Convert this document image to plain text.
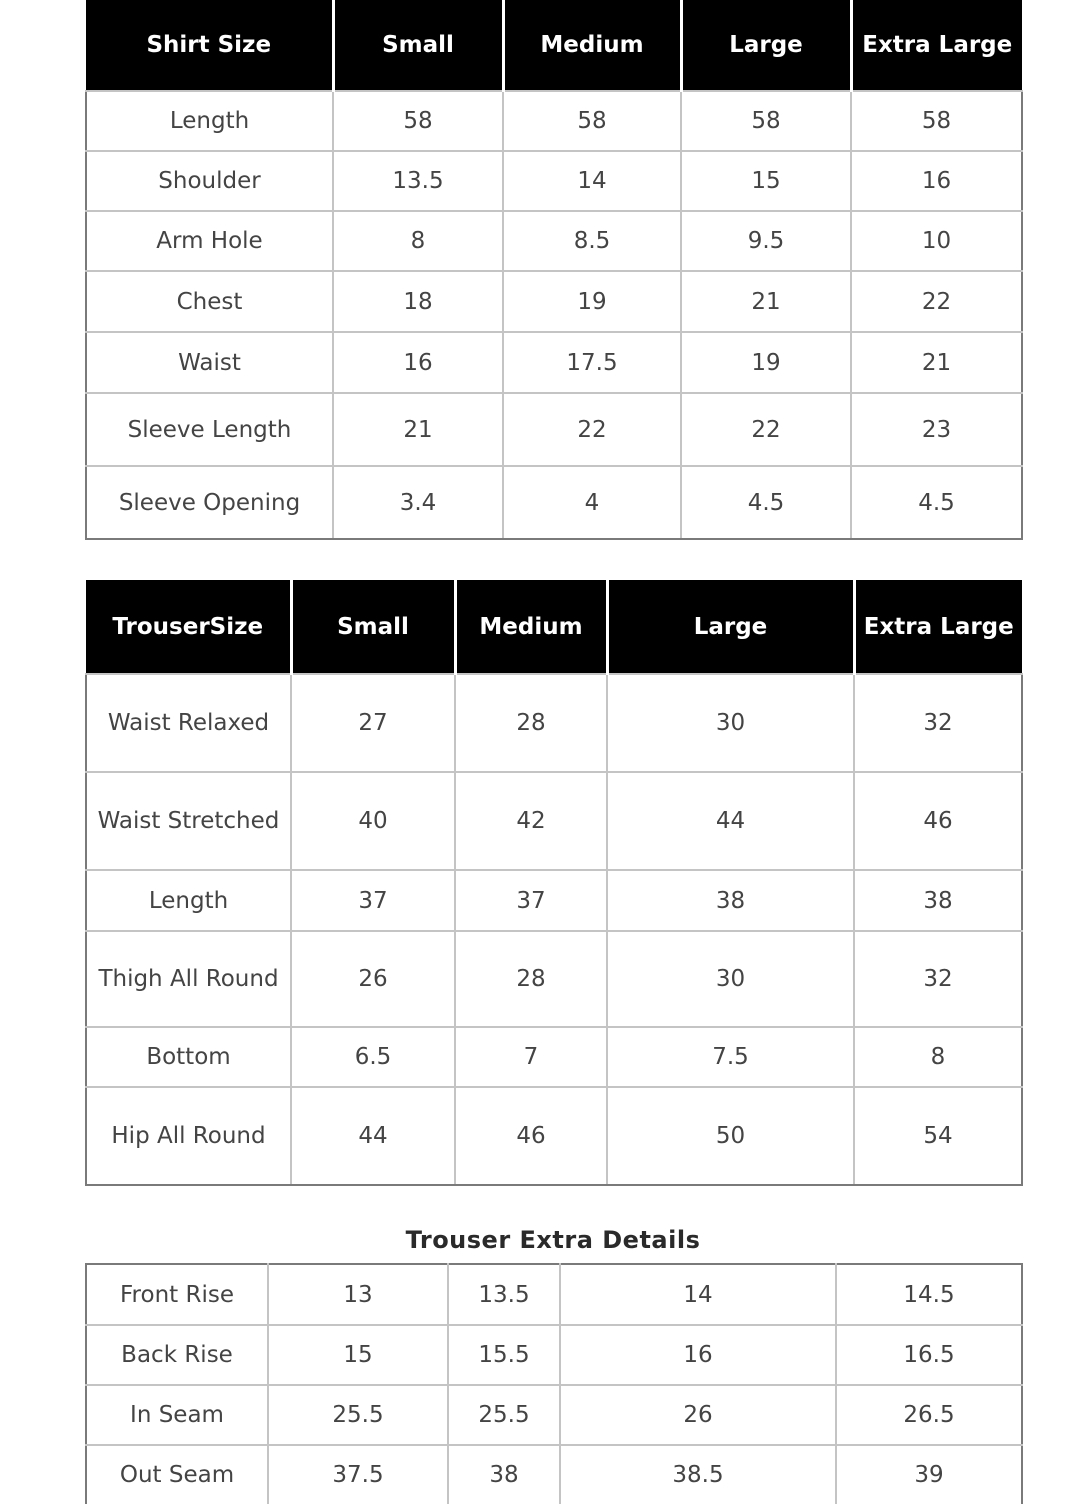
Shirt Size	Small	Medium	Large	Extra Large
Length	58	58	58	58
Shoulder	13.5	14	15	16
Arm Hole	8	8.5	9.5	10
Chest	18	19	21	22
Waist	16	17.5	19	21
Sleeve Length	21	22	22	23
Sleeve Opening	3.4	4	4.5	4.5
TrouserSize	Small	Medium	Large	Extra Large
Waist Relaxed	27	28	30	32
Waist Stretched	40	42	44	46
Length	37	37	38	38
Thigh All Round	26	28	30	32
Bottom	6.5	7	7.5	8
Hip All Round	44	46	50	54
Trouser Extra Details
Front Rise	13	13.5	14	14.5
Back Rise	15	15.5	16	16.5
In Seam	25.5	25.5	26	26.5
Out Seam	37.5	38	38.5	39
